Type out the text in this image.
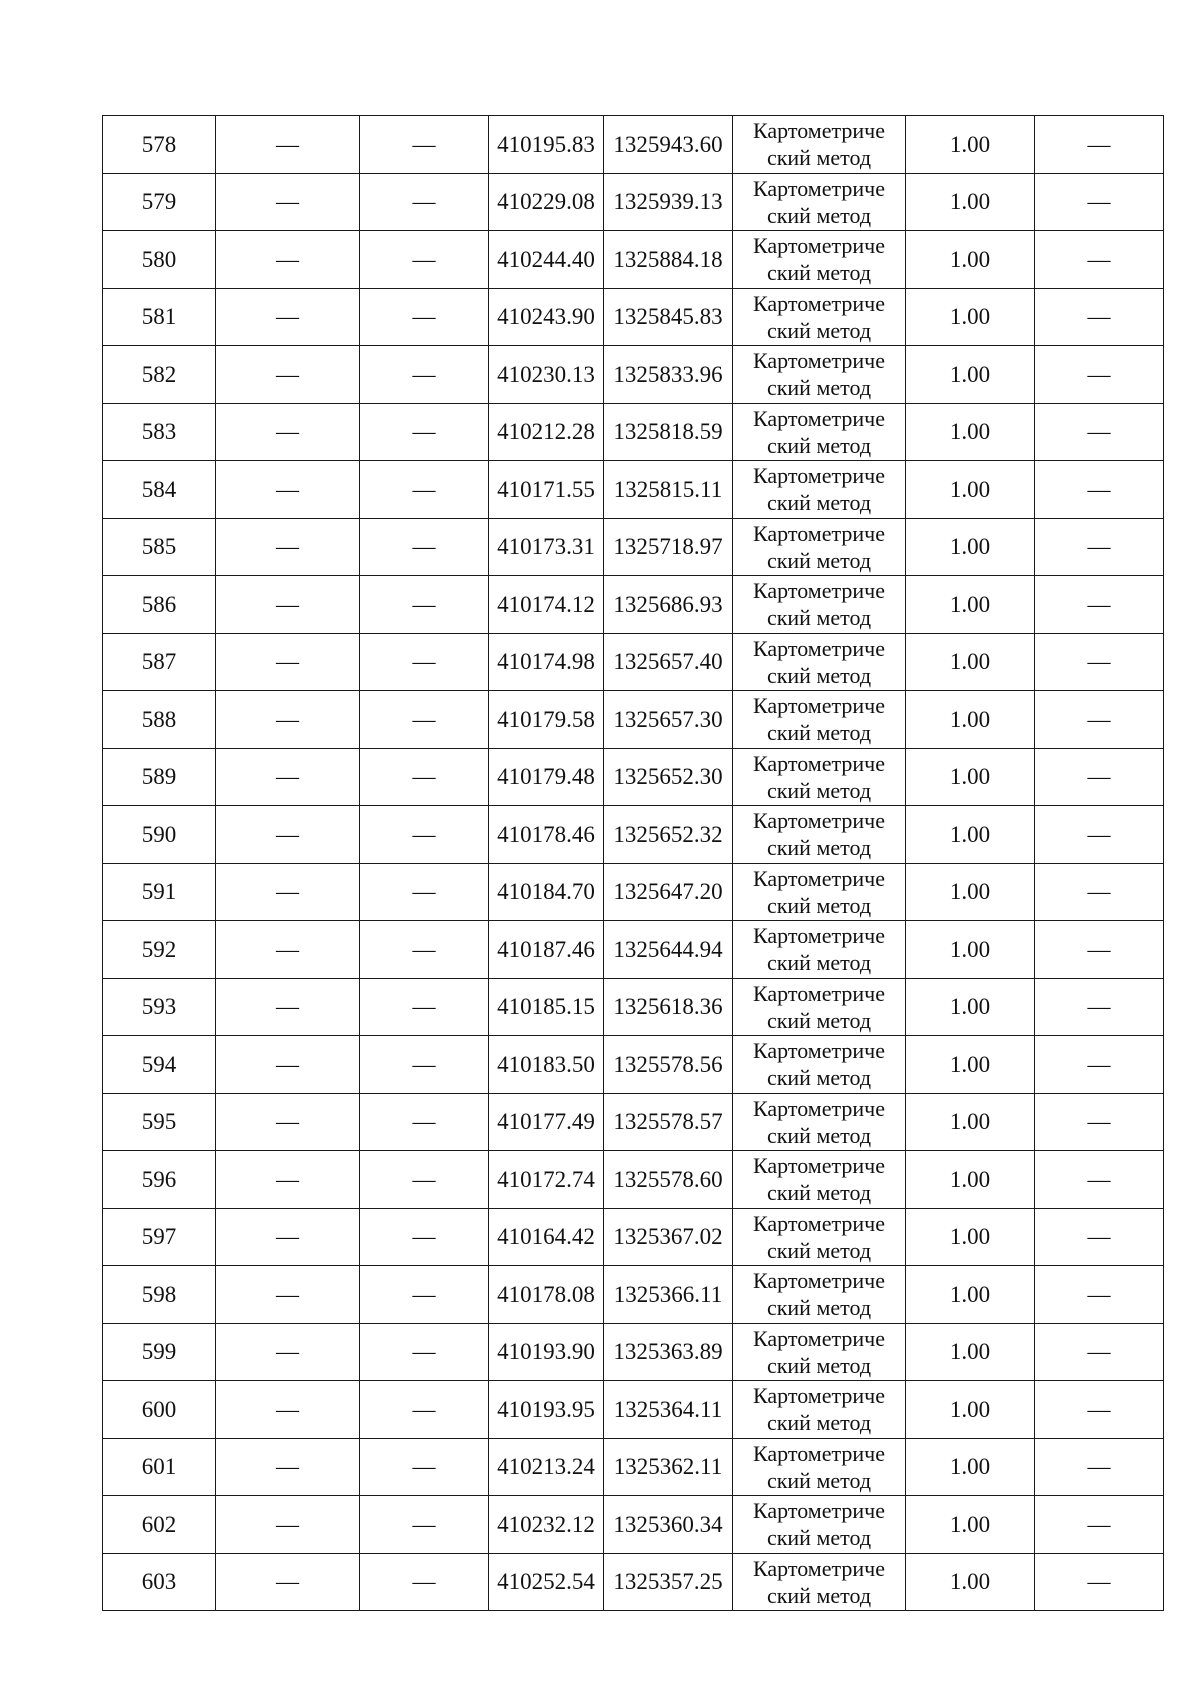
578	—	—	410195.83	1325943.60	Картометриче
ский метод	1.00	—
579	—	—	410229.08	1325939.13	Картометриче
ский метод	1.00	—
580	—	—	410244.40	1325884.18	Картометриче
ский метод	1.00	—
581	—	—	410243.90	1325845.83	Картометриче
ский метод	1.00	—
582	—	—	410230.13	1325833.96	Картометриче
ский метод	1.00	—
583	—	—	410212.28	1325818.59	Картометриче
ский метод	1.00	—
584	—	—	410171.55	1325815.11	Картометриче
ский метод	1.00	—
585	—	—	410173.31	1325718.97	Картометриче
ский метод	1.00	—
586	—	—	410174.12	1325686.93	Картометриче
ский метод	1.00	—
587	—	—	410174.98	1325657.40	Картометриче
ский метод	1.00	—
588	—	—	410179.58	1325657.30	Картометриче
ский метод	1.00	—
589	—	—	410179.48	1325652.30	Картометриче
ский метод	1.00	—
590	—	—	410178.46	1325652.32	Картометриче
ский метод	1.00	—
591	—	—	410184.70	1325647.20	Картометриче
ский метод	1.00	—
592	—	—	410187.46	1325644.94	Картометриче
ский метод	1.00	—
593	—	—	410185.15	1325618.36	Картометриче
ский метод	1.00	—
594	—	—	410183.50	1325578.56	Картометриче
ский метод	1.00	—
595	—	—	410177.49	1325578.57	Картометриче
ский метод	1.00	—
596	—	—	410172.74	1325578.60	Картометриче
ский метод	1.00	—
597	—	—	410164.42	1325367.02	Картометриче
ский метод	1.00	—
598	—	—	410178.08	1325366.11	Картометриче
ский метод	1.00	—
599	—	—	410193.90	1325363.89	Картометриче
ский метод	1.00	—
600	—	—	410193.95	1325364.11	Картометриче
ский метод	1.00	—
601	—	—	410213.24	1325362.11	Картометриче
ский метод	1.00	—
602	—	—	410232.12	1325360.34	Картометриче
ский метод	1.00	—
603	—	—	410252.54	1325357.25	Картометриче
ский метод	1.00	—
